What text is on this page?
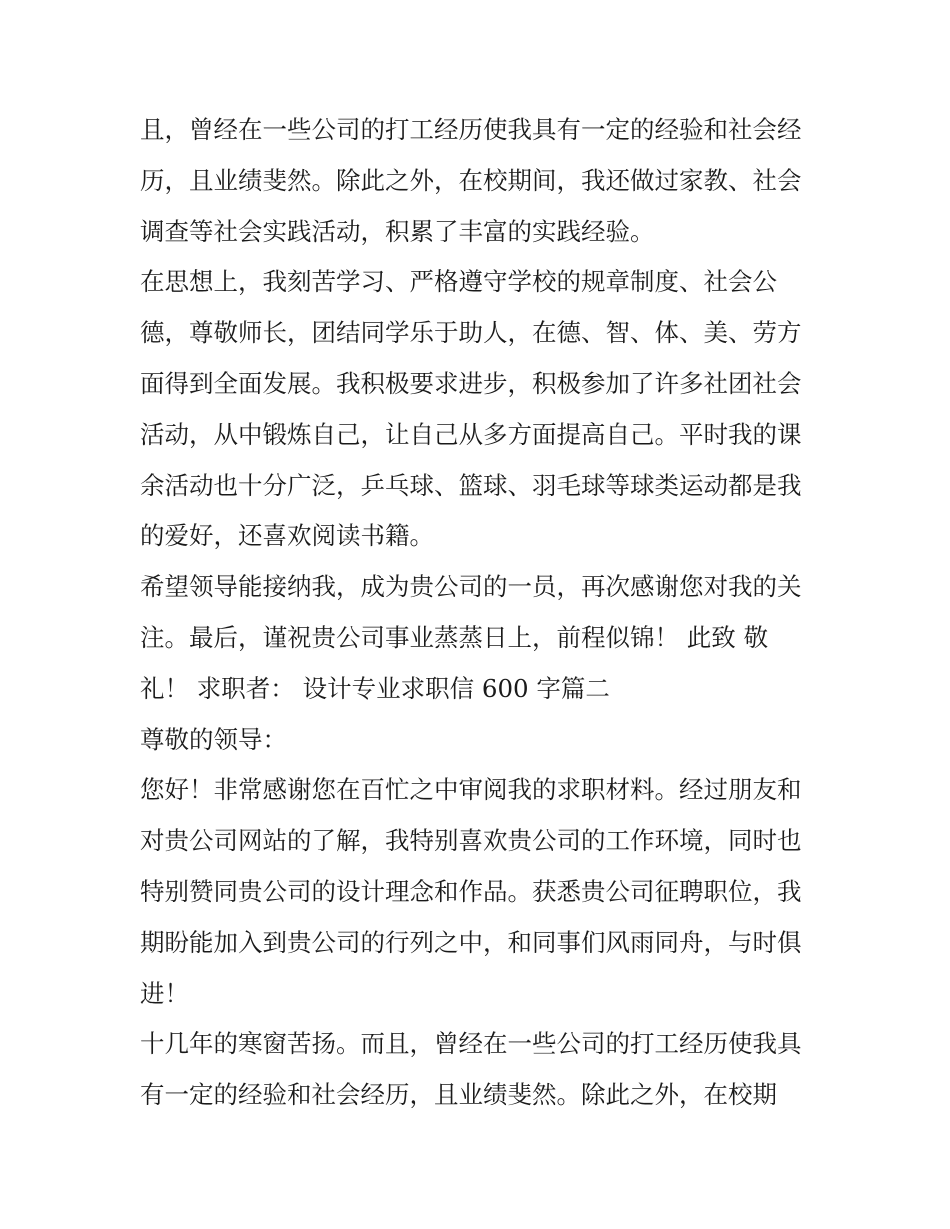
且，曾经在一些公司的打工经历使我具有一定的经验和社会经
历，且业绩斐然。除此之外，在校期间，我还做过家教、社会
调查等社会实践活动，积累了丰富的实践经验。
在思想上，我刻苦学习、严格遵守学校的规章制度、社会公
德，尊敬师长，团结同学乐于助人，在德、智、体、美、劳方
面得到全面发展。我积极要求进步，积极参加了许多社团社会
活动，从中锻炼自己，让自己从多方面提高自己。平时我的课
余活动也十分广泛，乒乓球、篮球、羽毛球等球类运动都是我
的爱好，还喜欢阅读书籍。
希望领导能接纳我，成为贵公司的一员，再次感谢您对我的关
注。最后，谨祝贵公司事业蒸蒸日上，前程似锦！ 此致 敬
礼！ 求职者： 设计专业求职信 600 字篇二
尊敬的领导：
您好！非常感谢您在百忙之中审阅我的求职材料。经过朋友和
对贵公司网站的了解，我特别喜欢贵公司的工作环境，同时也
特别赞同贵公司的设计理念和作品。获悉贵公司征聘职位，我
期盼能加入到贵公司的行列之中，和同事们风雨同舟，与时俱
进！
十几年的寒窗苦扬。而且，曾经在一些公司的打工经历使我具
有一定的经验和社会经历，且业绩斐然。除此之外，在校期
